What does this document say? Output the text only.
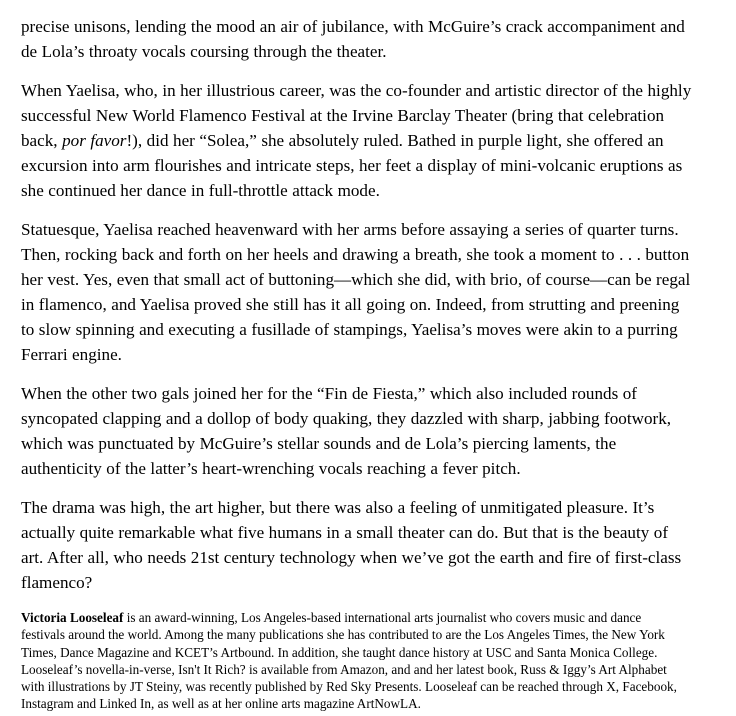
precise unisons, lending the mood an air of jubilance, with McGuire’s crack accompaniment and de Lola’s throaty vocals coursing through the theater.

When Yaelisa, who, in her illustrious career, was the co-founder and artistic director of the highly successful New World Flamenco Festival at the Irvine Barclay Theater (bring that celebration back, por favor!), did her “Solea,” she absolutely ruled. Bathed in purple light, she offered an excursion into arm flourishes and intricate steps, her feet a display of mini-volcanic eruptions as she continued her dance in full-throttle attack mode.

Statuesque, Yaelisa reached heavenward with her arms before assaying a series of quarter turns. Then, rocking back and forth on her heels and drawing a breath, she took a moment to . . . button her vest. Yes, even that small act of buttoning—which she did, with brio, of course—can be regal in flamenco, and Yaelisa proved she still has it all going on. Indeed, from strutting and preening to slow spinning and executing a fusillade of stampings, Yaelisa’s moves were akin to a purring Ferrari engine.

When the other two gals joined her for the “Fin de Fiesta,” which also included rounds of syncopated clapping and a dollop of body quaking, they dazzled with sharp, jabbing footwork, which was punctuated by McGuire’s stellar sounds and de Lola’s piercing laments, the authenticity of the latter’s heart-wrenching vocals reaching a fever pitch.

The drama was high, the art higher, but there was also a feeling of unmitigated pleasure. It’s actually quite remarkable what five humans in a small theater can do. But that is the beauty of art. After all, who needs 21st century technology when we’ve got the earth and fire of first-class flamenco?

Victoria Looseleaf is an award-winning, Los Angeles-based international arts journalist who covers music and dance festivals around the world. Among the many publications she has contributed to are the Los Angeles Times, the New York Times, Dance Magazine and KCET’s Artbound. In addition, she taught dance history at USC and Santa Monica College. Looseleaf’s novella-in-verse, Isn't It Rich? is available from Amazon, and and her latest book, Russ & Iggy’s Art Alphabet with illustrations by JT Steiny, was recently published by Red Sky Presents. Looseleaf can be reached through X, Facebook, Instagram and Linked In, as well as at her online arts magazine ArtNowLA.
